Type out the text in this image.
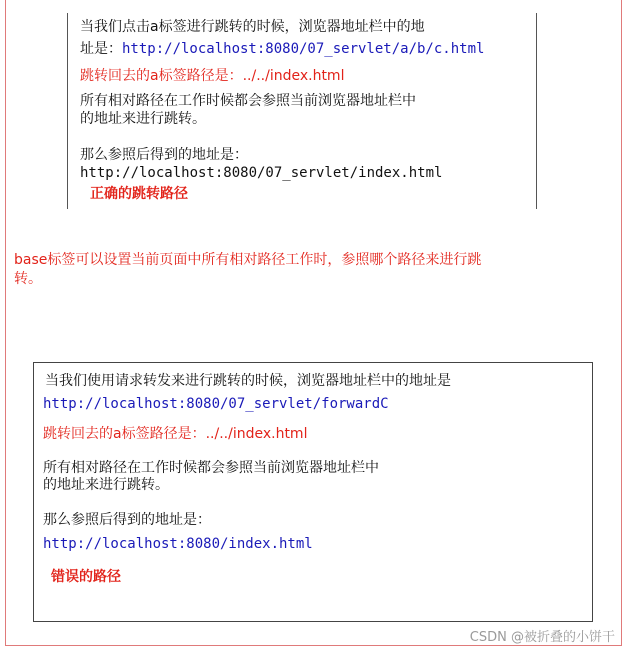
当我们点击a标签进行跳转的时候，浏览器地址栏中的地
址是：http://localhost:8080/07_servlet/a/b/c.html
跳转回去的a标签路径是：../../index.html
所有相对路径在工作时候都会参照当前浏览器地址栏中
的地址来进行跳转。
那么参照后得到的地址是：
http://localhost:8080/07_servlet/index.html
正确的跳转路径
base标签可以设置当前页面中所有相对路径工作时，参照哪个路径来进行跳
转。
当我们使用请求转发来进行跳转的时候，浏览器地址栏中的地址是
http://localhost:8080/07_servlet/forwardC
跳转回去的a标签路径是：../../index.html
所有相对路径在工作时候都会参照当前浏览器地址栏中
的地址来进行跳转。
那么参照后得到的地址是：
http://localhost:8080/index.html
错误的路径
CSDN @被折叠的小饼干
